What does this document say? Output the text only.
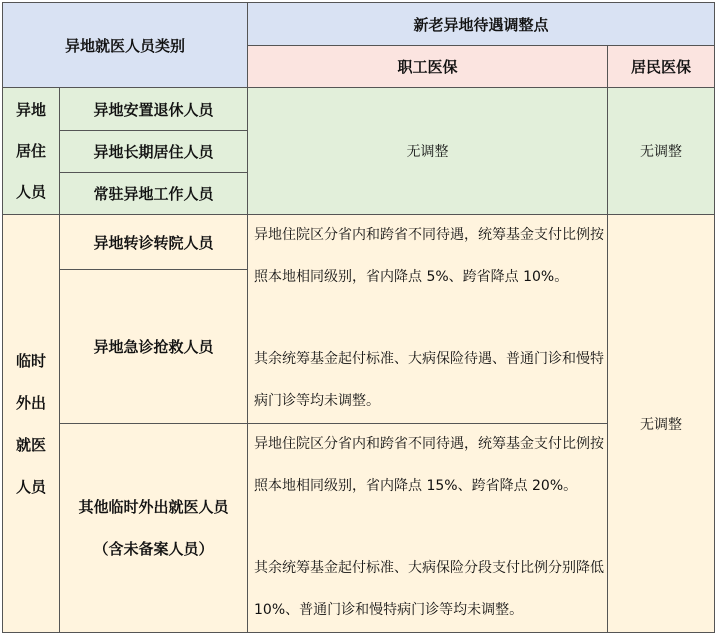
异地就医人员类别
新老异地待遇调整点
职工医保	居民医保
异地
居住
人员
异地安置退休人员
异地长期居住人员
常驻异地工作人员
无调整	无调整
临时
外出
就医
人员
异地转诊转院人员
异地急诊抢救人员
其他临时外出就医人员
（含未备案人员）
异地住院区分省内和跨省不同待遇，统筹基金支付比例按照本地相同级别，省内降点 5%、跨省降点 10%。
其余统筹基金起付标准、大病保险待遇、普通门诊和慢特病门诊等均未调整。
异地住院区分省内和跨省不同待遇，统筹基金支付比例按照本地相同级别，省内降点 15%、跨省降点 20%。
其余统筹基金起付标准、大病保险分段支付比例分别降低 10%、普通门诊和慢特病门诊等均未调整。
无调整
